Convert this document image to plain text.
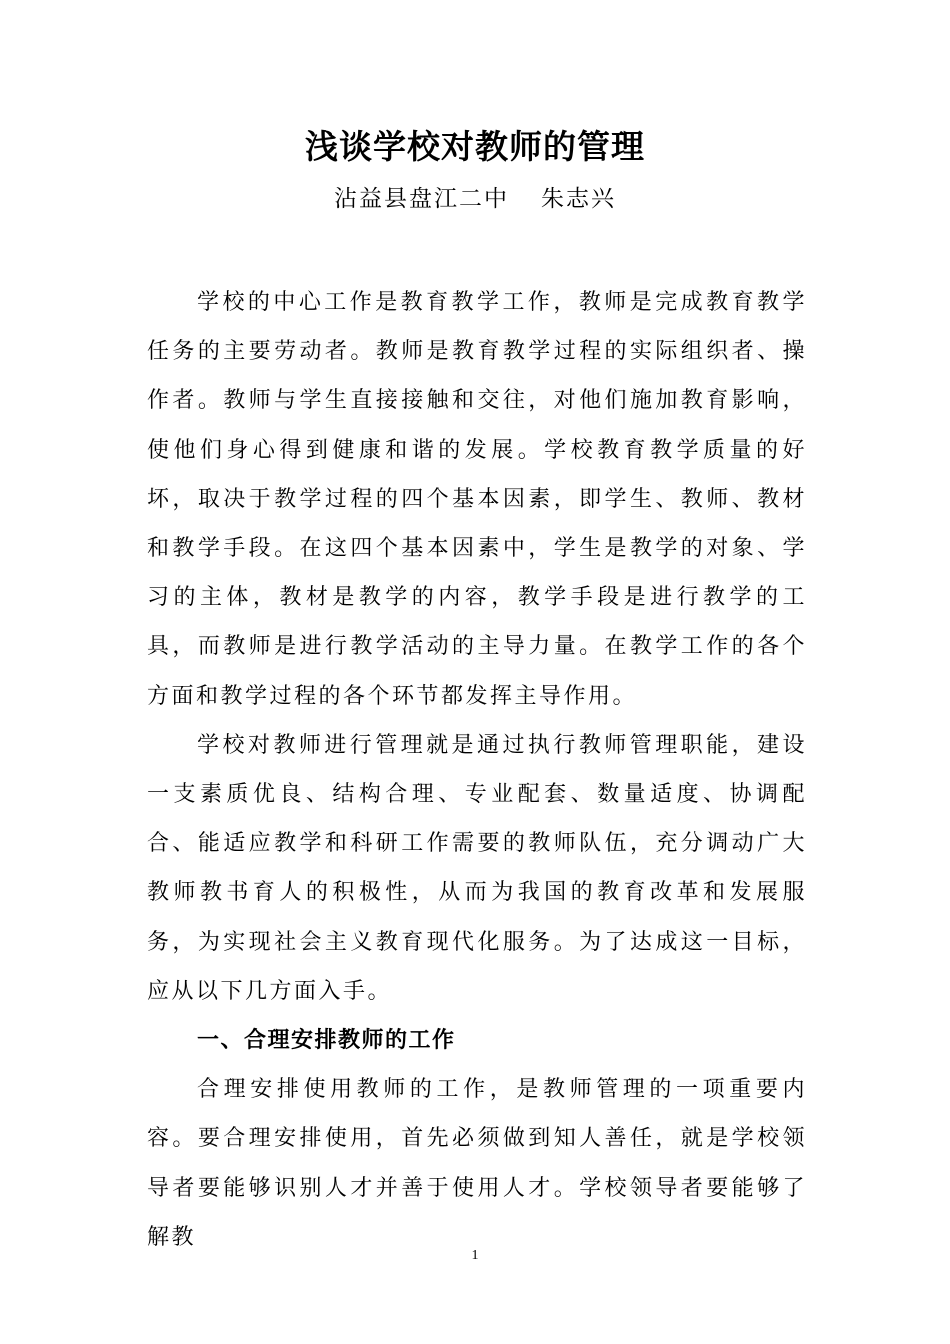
浅谈学校对教师的管理
沾益县盘江二中 朱志兴

学校的中心工作是教育教学工作，教师是完成教育教学任务的主要劳动者。教师是教育教学过程的实际组织者、操作者。教师与学生直接接触和交往，对他们施加教育影响，使他们身心得到健康和谐的发展。学校教育教学质量的好坏，取决于教学过程的四个基本因素，即学生、教师、教材和教学手段。在这四个基本因素中，学生是教学的对象、学习的主体，教材是教学的内容，教学手段是进行教学的工具，而教师是进行教学活动的主导力量。在教学工作的各个方面和教学过程的各个环节都发挥主导作用。

学校对教师进行管理就是通过执行教师管理职能，建设一支素质优良、结构合理、专业配套、数量适度、协调配合、能适应教学和科研工作需要的教师队伍，充分调动广大教师教书育人的积极性，从而为我国的教育改革和发展服务，为实现社会主义教育现代化服务。为了达成这一目标，应从以下几方面入手。

一、合理安排教师的工作

合理安排使用教师的工作，是教师管理的一项重要内容。要合理安排使用，首先必须做到知人善任，就是学校领导者要能够识别人才并善于使用人才。学校领导者要能够了解教

1
